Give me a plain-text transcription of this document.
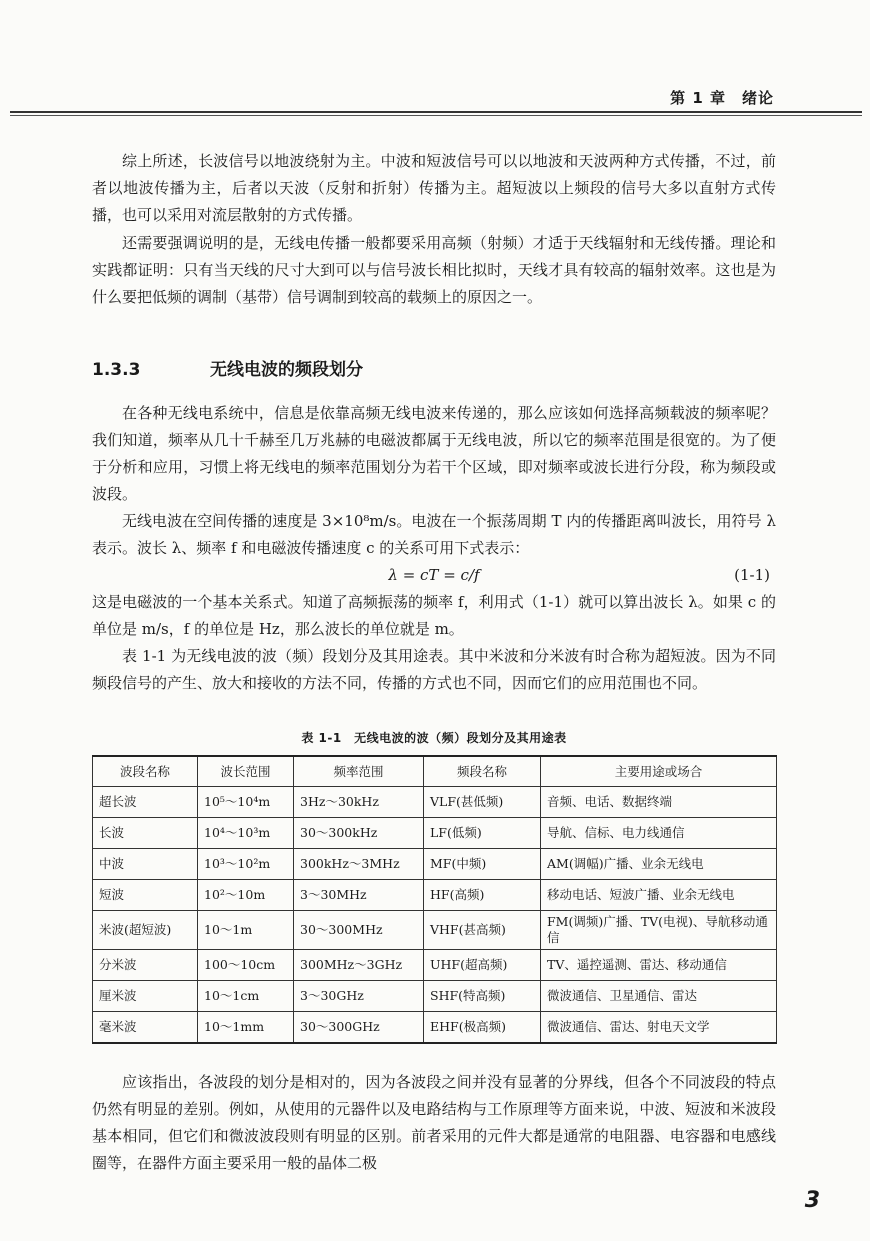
第 1 章　绪论

综上所述，长波信号以地波绕射为主。中波和短波信号可以以地波和天波两种方式传播，不过，前者以地波传播为主，后者以天波（反射和折射）传播为主。超短波以上频段的信号大多以直射方式传播，也可以采用对流层散射的方式传播。

还需要强调说明的是，无线电传播一般都要采用高频（射频）才适于天线辐射和无线传播。理论和实践都证明：只有当天线的尺寸大到可以与信号波长相比拟时，天线才具有较高的辐射效率。这也是为什么要把低频的调制（基带）信号调制到较高的载频上的原因之一。

1.3.3	无线电波的频段划分

在各种无线电系统中，信息是依靠高频无线电波来传递的，那么应该如何选择高频载波的频率呢？我们知道，频率从几十千赫至几万兆赫的电磁波都属于无线电波，所以它的频率范围是很宽的。为了便于分析和应用，习惯上将无线电的频率范围划分为若干个区域，即对频率或波长进行分段，称为频段或波段。

无线电波在空间传播的速度是 3×10⁸m/s。电波在一个振荡周期 T 内的传播距离叫波长，用符号 λ 表示。波长 λ、频率 f 和电磁波传播速度 c 的关系可用下式表示：

λ = cT = c/f	(1-1)

这是电磁波的一个基本关系式。知道了高频振荡的频率 f，利用式（1-1）就可以算出波长 λ。如果 c 的单位是 m/s，f 的单位是 Hz，那么波长的单位就是 m。

表 1-1 为无线电波的波（频）段划分及其用途表。其中米波和分米波有时合称为超短波。因为不同频段信号的产生、放大和接收的方法不同，传播的方式也不同，因而它们的应用范围也不同。

表 1-1　无线电波的波（频）段划分及其用途表
波段名称	波长范围	频率范围	频段名称	主要用途或场合
超长波	10⁵～10⁴m	3Hz～30kHz	VLF(甚低频)	音频、电话、数据终端
长波	10⁴～10³m	30～300kHz	LF(低频)	导航、信标、电力线通信
中波	10³～10²m	300kHz～3MHz	MF(中频)	AM(调幅)广播、业余无线电
短波	10²～10m	3～30MHz	HF(高频)	移动电话、短波广播、业余无线电
米波(超短波)	10～1m	30～300MHz	VHF(甚高频)	FM(调频)广播、TV(电视)、导航移动通信
分米波	100～10cm	300MHz～3GHz	UHF(超高频)	TV、遥控遥测、雷达、移动通信
厘米波	10～1cm	3～30GHz	SHF(特高频)	微波通信、卫星通信、雷达
毫米波	10～1mm	30～300GHz	EHF(极高频)	微波通信、雷达、射电天文学

应该指出，各波段的划分是相对的，因为各波段之间并没有显著的分界线，但各个不同波段的特点仍然有明显的差别。例如，从使用的元器件以及电路结构与工作原理等方面来说，中波、短波和米波段基本相同，但它们和微波波段则有明显的区别。前者采用的元件大都是通常的电阻器、电容器和电感线圈等，在器件方面主要采用一般的晶体二极

3
